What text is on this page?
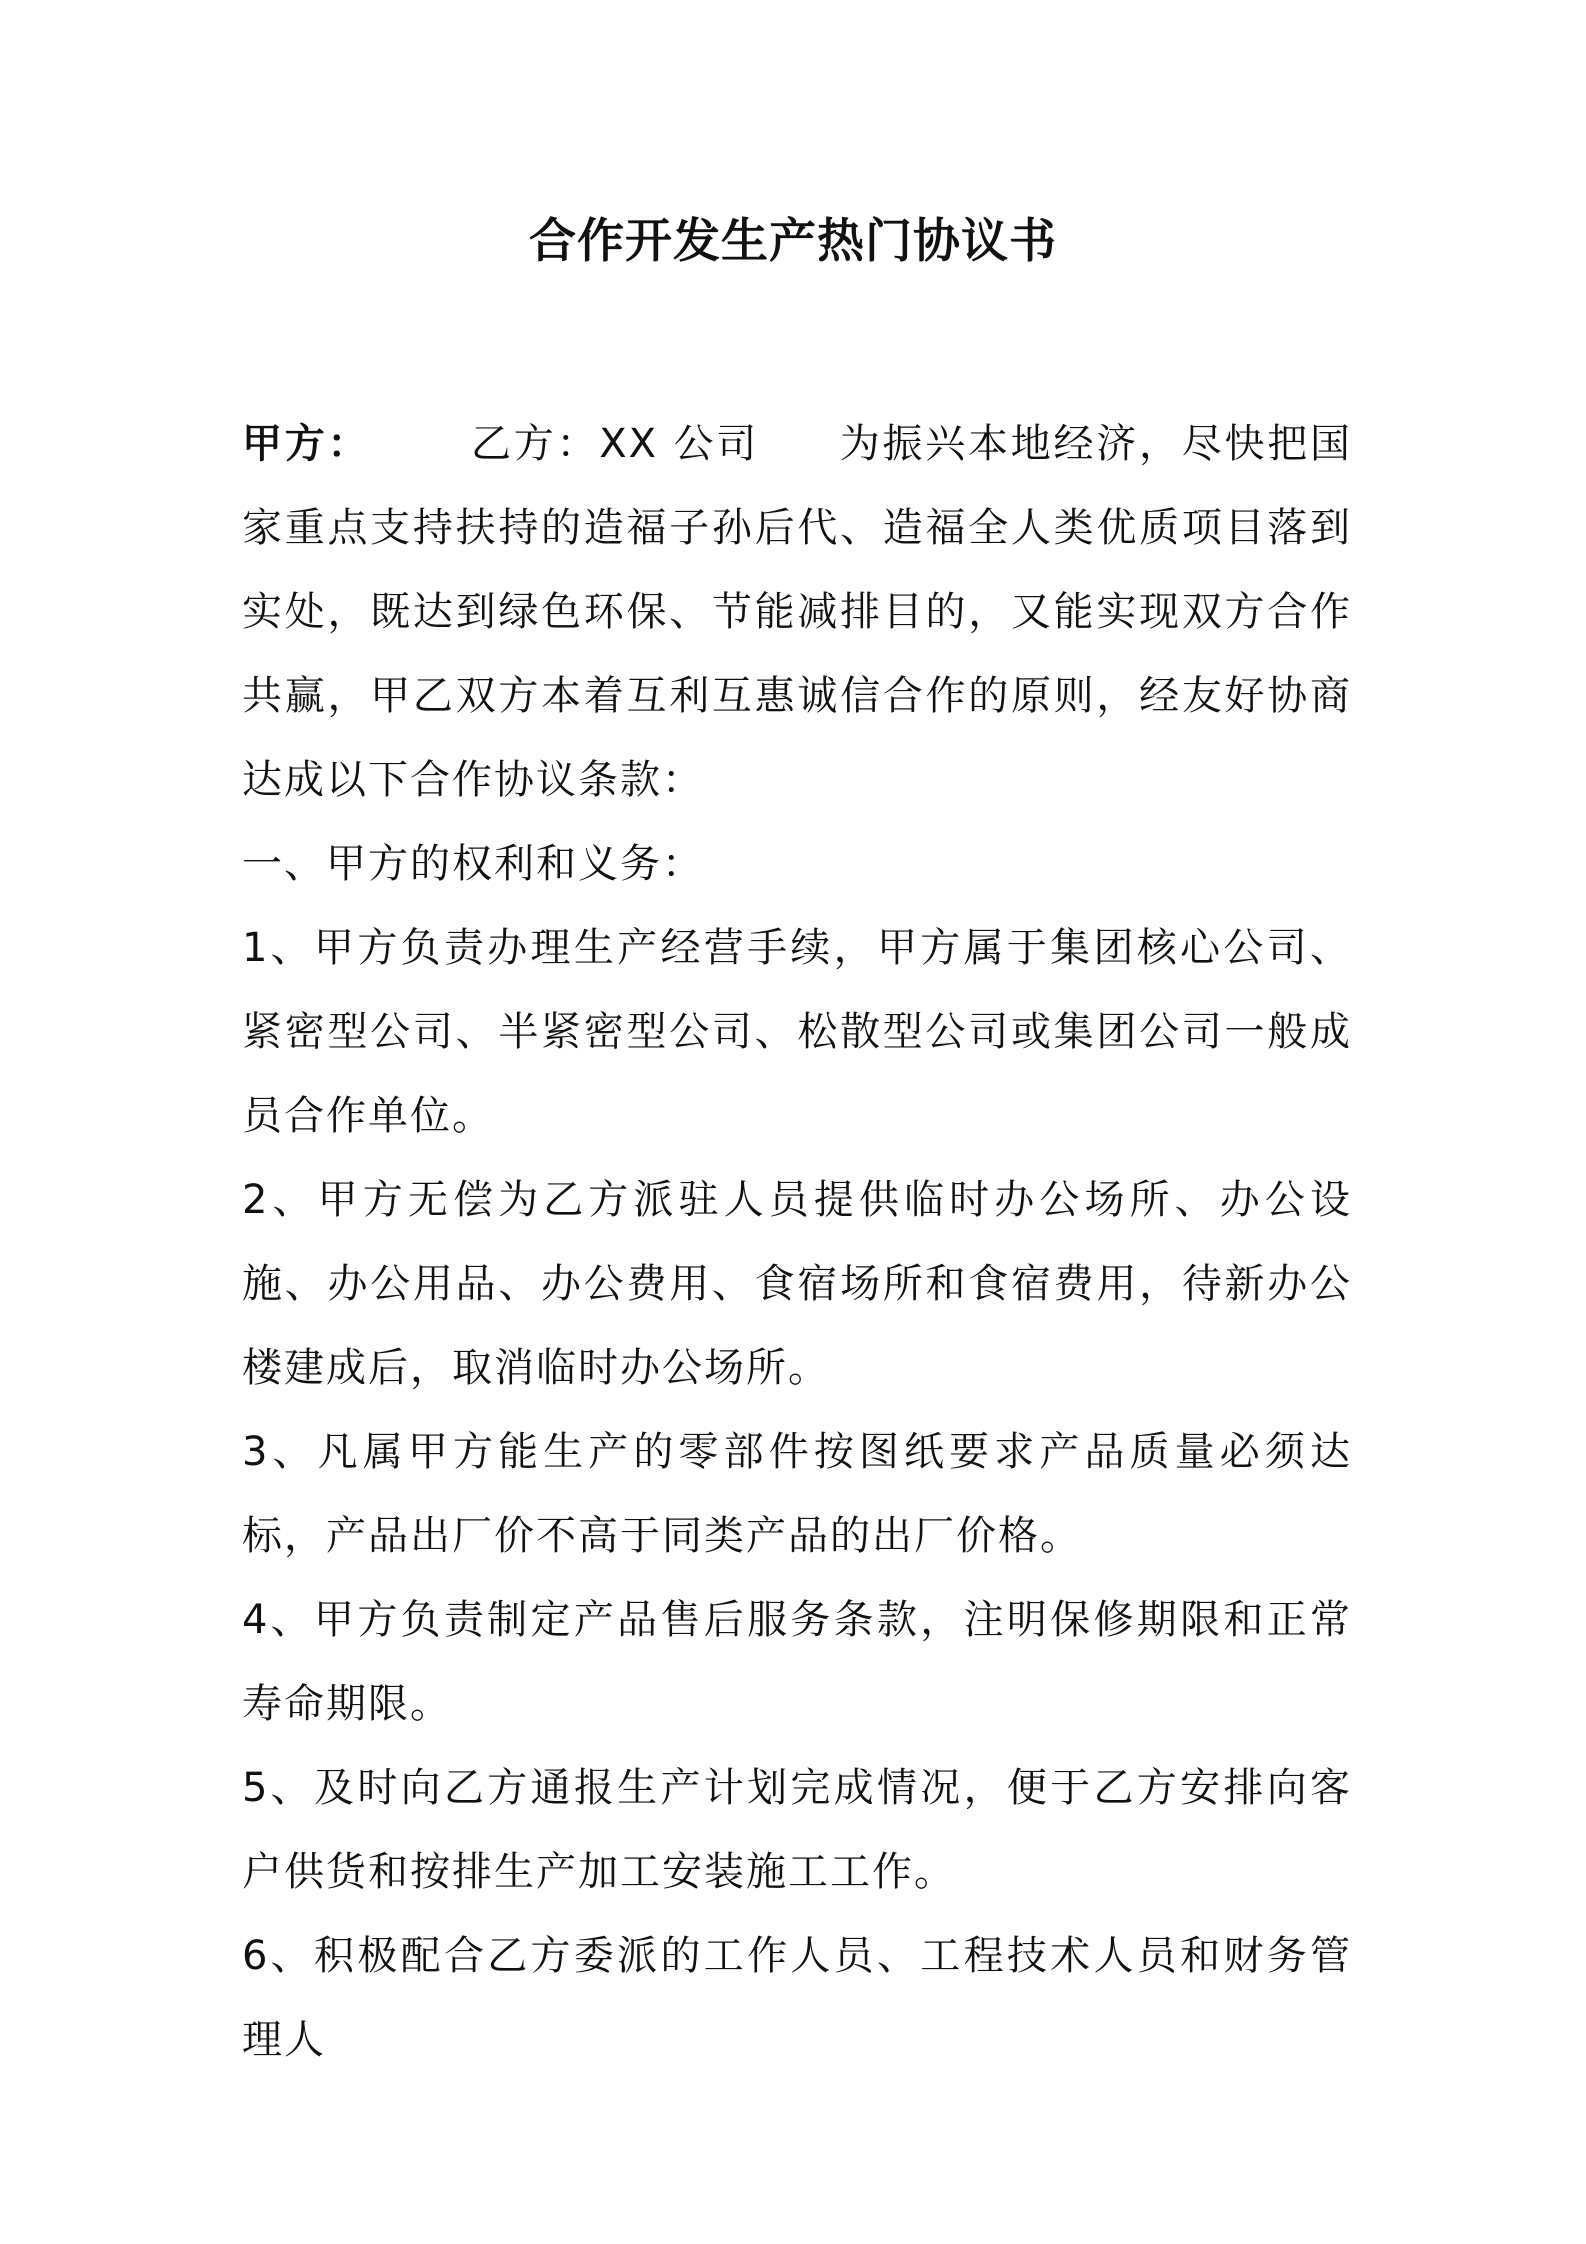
合作开发生产热门协议书

甲方：	乙方：XX 公司 为振兴本地经济，尽快把国家重点支持扶持的造福子孙后代、造福全人类优质项目落到实处，既达到绿色环保、节能减排目的，又能实现双方合作共赢，甲乙双方本着互利互惠诚信合作的原则，经友好协商达成以下合作协议条款：

一、甲方的权利和义务：

1、甲方负责办理生产经营手续，甲方属于集团核心公司、紧密型公司、半紧密型公司、松散型公司或集团公司一般成员合作单位。

2、甲方无偿为乙方派驻人员提供临时办公场所、办公设施、办公用品、办公费用、食宿场所和食宿费用，待新办公楼建成后，取消临时办公场所。

3、凡属甲方能生产的零部件按图纸要求产品质量必须达标，产品出厂价不高于同类产品的出厂价格。

4、甲方负责制定产品售后服务条款，注明保修期限和正常寿命期限。

5、及时向乙方通报生产计划完成情况，便于乙方安排向客户供货和按排生产加工安装施工工作。

6、积极配合乙方委派的工作人员、工程技术人员和财务管理人
